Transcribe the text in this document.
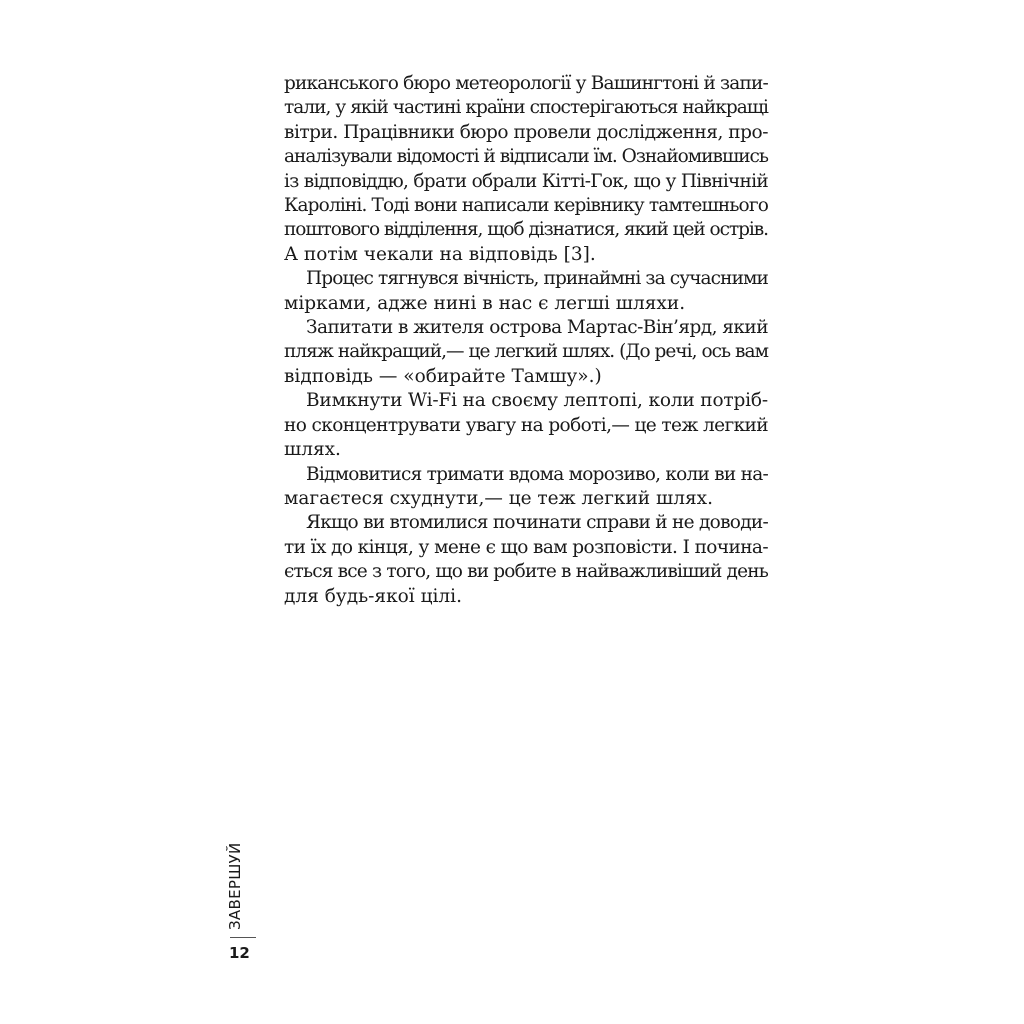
риканського бюро метеорології у Вашингтоні й запи-
тали, у якій частині країни спостерігаються найкращі
вітри. Працівники бюро провели дослідження, про-
аналізували відомості й відписали їм. Ознайомившись
із відповіддю, брати обрали Кітті-Гок, що у Північній
Кароліні. Тоді вони написали керівнику тамтешнього
поштового відділення, щоб дізнатися, який цей острів.
А потім чекали на відповідь [3].
Процес тягнувся вічність, принаймні за сучасними
мірками, адже нині в нас є легші шляхи.
Запитати в жителя острова Мартас-Він’ярд, який
пляж найкращий,— це легкий шлях. (До речі, ось вам
відповідь — «обирайте Тамшу».)
Вимкнути Wi-Fi на своєму лептопі, коли потріб-
но сконцентрувати увагу на роботі,— це теж легкий
шлях.
Відмовитися тримати вдома морозиво, коли ви на-
магаєтеся схуднути,— це теж легкий шлях.
Якщо ви втомилися починати справи й не доводи-
ти їх до кінця, у мене є що вам розповісти. І почина-
ється все з того, що ви робите в найважливіший день
для будь-якої цілі.
ЗАВЕРШУЙ
12
